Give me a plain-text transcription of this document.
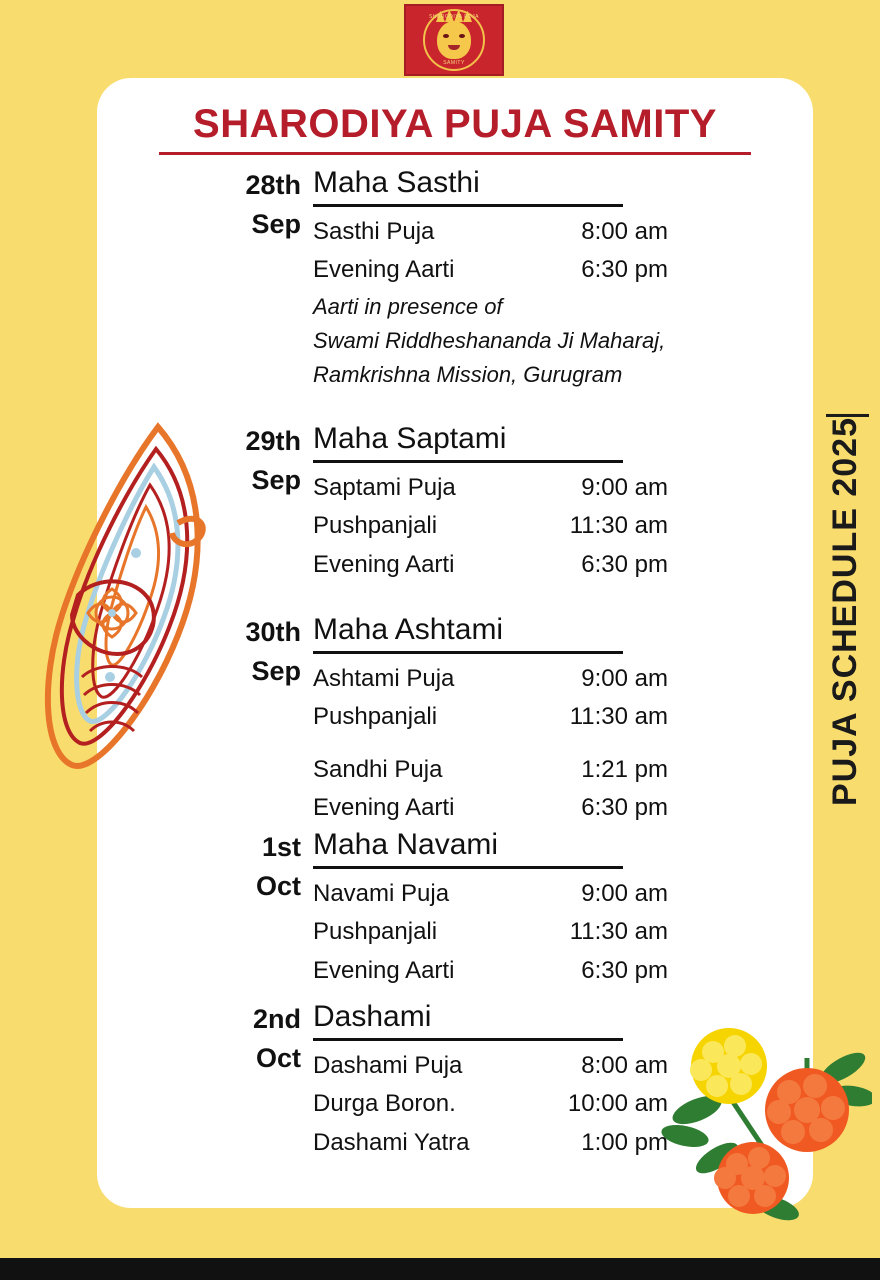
SHARODIYA PUJA
SAMITY
SHARODIYA PUJA SAMITY
28th
Sep
Maha Sasthi
Sasthi Puja	8:00 am
Evening Aarti	6:30 pm
Aarti in presence of
Swami Riddheshananda Ji Maharaj,
Ramkrishna Mission, Gurugram
29th
Sep
Maha Saptami
Saptami Puja	9:00 am
Pushpanjali	11:30 am
Evening Aarti	6:30 pm
30th
Sep
Maha Ashtami
Ashtami Puja	9:00 am
Pushpanjali	11:30 am
Sandhi Puja	1:21 pm
Evening Aarti	6:30 pm
1st
Oct
Maha Navami
Navami Puja	9:00 am
Pushpanjali	11:30 am
Evening Aarti	6:30 pm
2nd
Oct
Dashami
Dashami Puja	8:00 am
Durga Boron.	10:00 am
Dashami Yatra	1:00 pm
PUJA SCHEDULE 2025
